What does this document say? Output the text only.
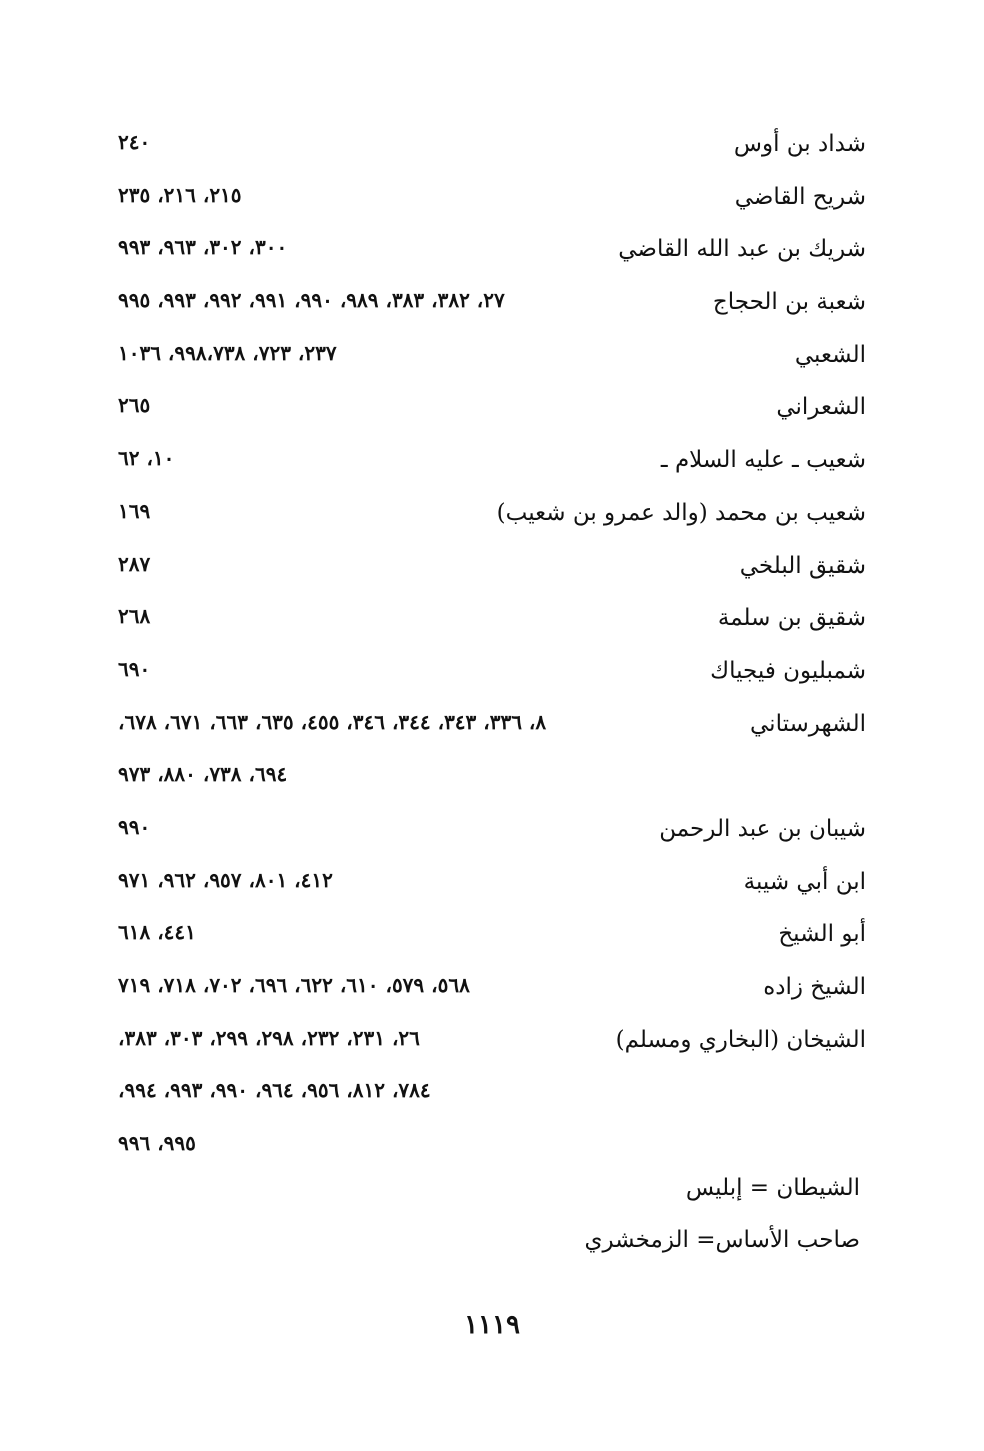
شداد بن أوس
٢٤٠
شريح القاضي
٢١٥، ٢١٦، ٢٣٥
شريك بن عبد الله القاضي
٣٠٠، ٣٠٢، ٩٦٣، ٩٩٣
شعبة بن الحجاج
٢٧، ٣٨٢، ٣٨٣، ٩٨٩، ٩٩٠، ٩٩١، ٩٩٢، ٩٩٣، ٩٩٥
الشعبي
٢٣٧، ٧٢٣، ٩٩٨،٧٣٨، ١٠٣٦
الشعراني
٢٦٥
شعيب ـ عليه السلام ـ
١٠، ٦٢
شعيب بن محمد (والد عمرو بن شعيب)
١٦٩
شقيق البلخي
٢٨٧
شقيق بن سلمة
٢٦٨
شمبليون فيجياك
٦٩٠
الشهرستاني
٨، ٣٣٦، ٣٤٣، ٣٤٤، ٣٤٦، ٤٥٥، ٦٣٥، ٦٦٣، ٦٧١، ٦٧٨،
٦٩٤، ٧٣٨، ٨٨٠، ٩٧٣
شيبان بن عبد الرحمن
٩٩٠
ابن أبي شيبة
٤١٢، ٨٠١، ٩٥٧، ٩٦٢، ٩٧١
أبو الشيخ
٤٤١، ٦١٨
الشيخ زاده
٥٦٨، ٥٧٩، ٦١٠، ٦٢٢، ٦٩٦، ٧٠٢، ٧١٨، ٧١٩
الشيخان (البخاري ومسلم)
٢٦، ٢٣١، ٢٣٢، ٢٩٨، ٢٩٩، ٣٠٣، ٣٨٣،
٧٨٤، ٨١٢، ٩٥٦، ٩٦٤، ٩٩٠، ٩٩٣، ٩٩٤،
٩٩٥، ٩٩٦
الشيطان = إبليس
صاحب الأساس= الزمخشري
١١١٩
